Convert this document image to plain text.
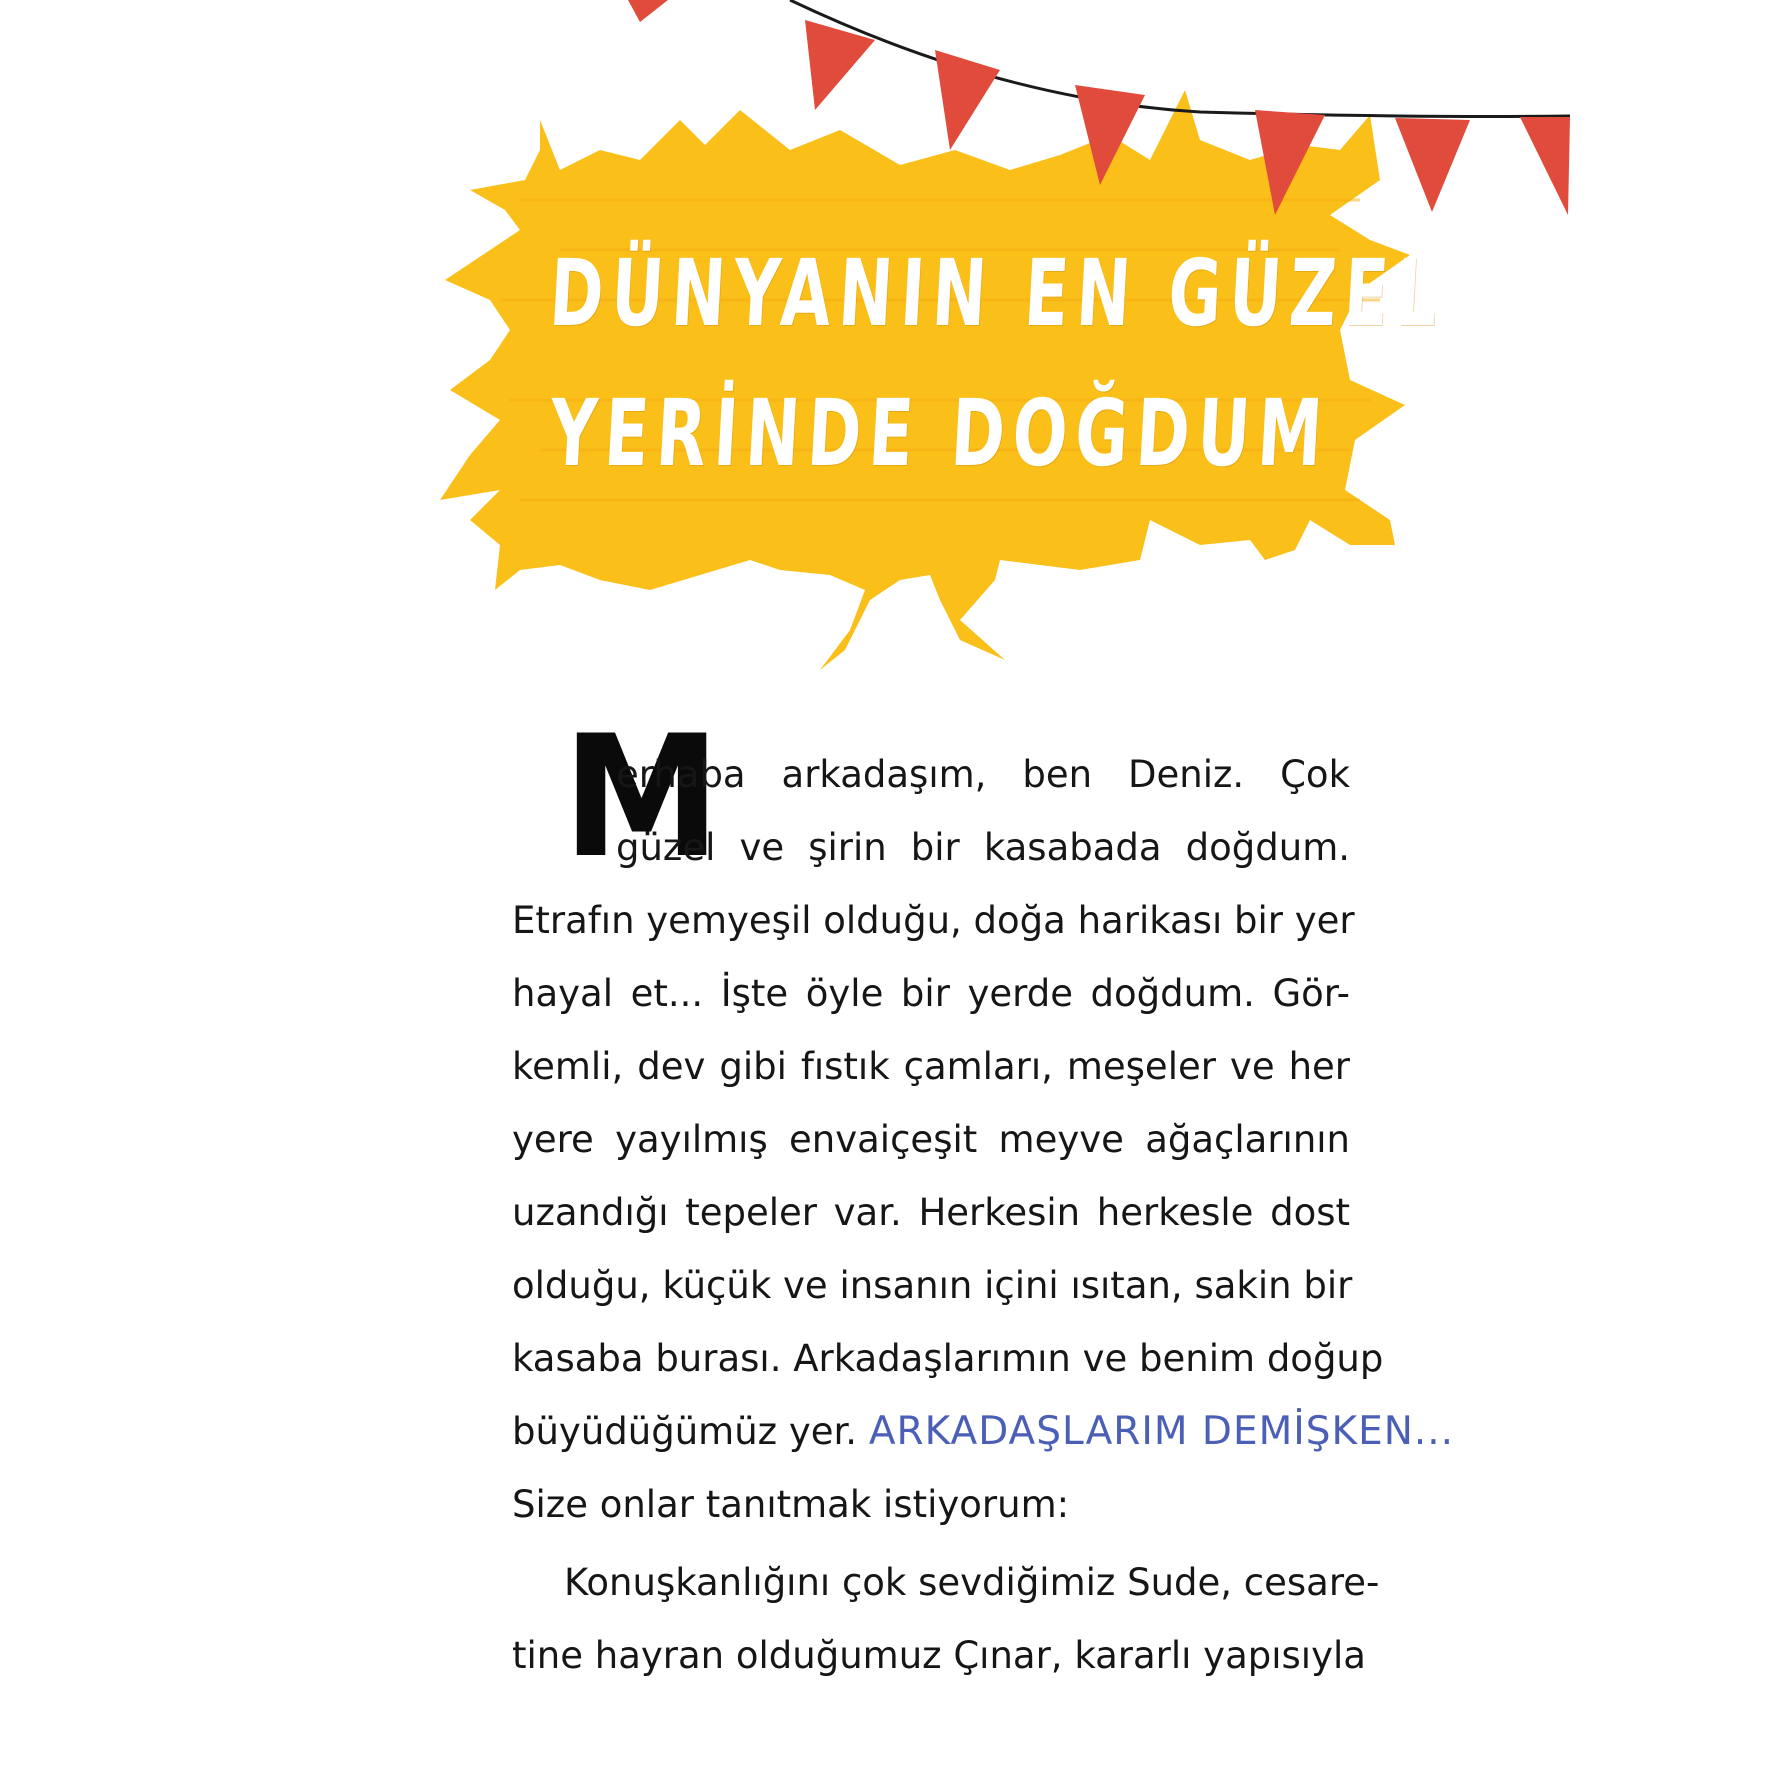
DÜNYANIN EN GÜZEL
YERİNDE DOĞDUM
M
erhaba arkadaşım, ben Deniz. Çok
güzel ve şirin bir kasabada doğdum.
Etrafın yemyeşil olduğu, doğa harikası bir yer
hayal et... İşte öyle bir yerde doğdum. Gör-
kemli, dev gibi fıstık çamları, meşeler ve her
yere yayılmış envaiçeşit meyve ağaçlarının
uzandığı tepeler var. Herkesin herkesle dost
olduğu, küçük ve insanın içini ısıtan, sakin bir
kasaba burası. Arkadaşlarımın ve benim doğup
büyüdüğümüz yer. ARKADAŞLARIM DEMİŞKEN...
Size onlar tanıtmak istiyorum:
Konuşkanlığını çok sevdiğimiz Sude, cesare-
tine hayran olduğumuz Çınar, kararlı yapısıyla
